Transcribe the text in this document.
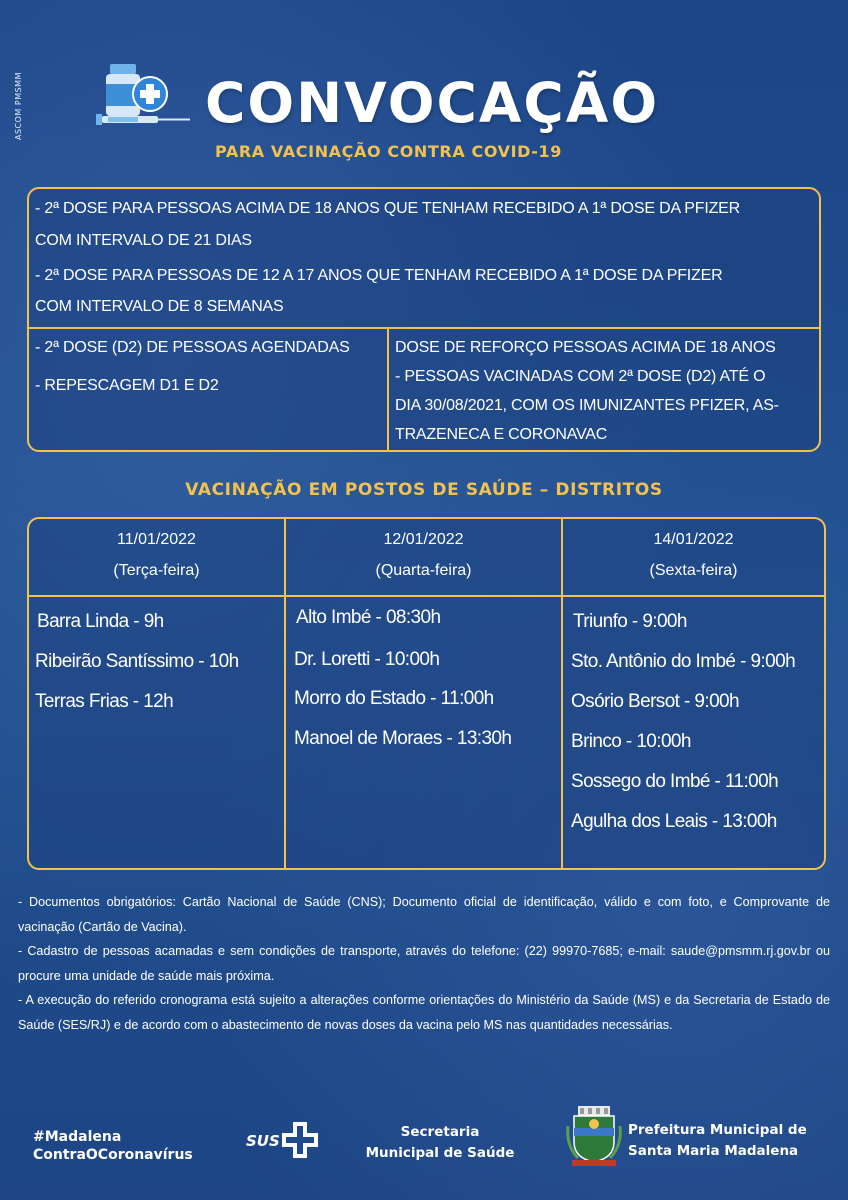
ASCOM PMSMM	CONVOCAÇÃO
PARA VACINAÇÃO CONTRA COVID-19
- 2ª DOSE PARA PESSOAS ACIMA DE 18 ANOS QUE TENHAM RECEBIDO A 1ª DOSE DA PFIZER
COM INTERVALO DE 21 DIAS
- 2ª DOSE PARA PESSOAS DE 12 A 17 ANOS QUE TENHAM RECEBIDO A 1ª DOSE DA PFIZER
COM INTERVALO DE 8 SEMANAS
- 2ª DOSE (D2) DE PESSOAS AGENDADAS
- REPESCAGEM D1 E D2
DOSE DE REFORÇO PESSOAS ACIMA DE 18 ANOS
- PESSOAS VACINADAS COM 2ª DOSE (D2) ATÉ O
DIA 30/08/2021, COM OS IMUNIZANTES PFIZER, AS-
TRAZENECA E CORONAVAC
VACINAÇÃO EM POSTOS DE SAÚDE – DISTRITOS
11/01/2022
(Terça-feira)
Barra Linda - 9h
Ribeirão Santíssimo - 10h
Terras Frias - 12h
12/01/2022
(Quarta-feira)
Alto Imbé - 08:30h
Dr. Loretti - 10:00h
Morro do Estado - 11:00h
Manoel de Moraes - 13:30h
14/01/2022
(Sexta-feira)
Triunfo - 9:00h
Sto. Antônio do Imbé - 9:00h
Osório Bersot - 9:00h
Brinco - 10:00h
Sossego do Imbé - 11:00h
Agulha dos Leais - 13:00h

- Documentos obrigatórios: Cartão Nacional de Saúde (CNS); Documento oficial de identificação, válido e com foto, e Comprovante de vacinação (Cartão de Vacina).

- Cadastro de pessoas acamadas e sem condições de transporte, através do telefone: (22) 99970-7685; e-mail: saude@pmsmm.rj.gov.br ou procure uma unidade de saúde mais próxima.

- A execução do referido cronograma está sujeito a alterações conforme orientações do Ministério da Saúde (MS) e da Secretaria de Estado de Saúde (SES/RJ) e de acordo com o abastecimento de novas doses da vacina pelo MS nas quantidades necessárias.

#Madalena
ContraOCoronavírus
SUS	Secretaria
Municipal de Saúde
Prefeitura Municipal de
Santa Maria Madalena
